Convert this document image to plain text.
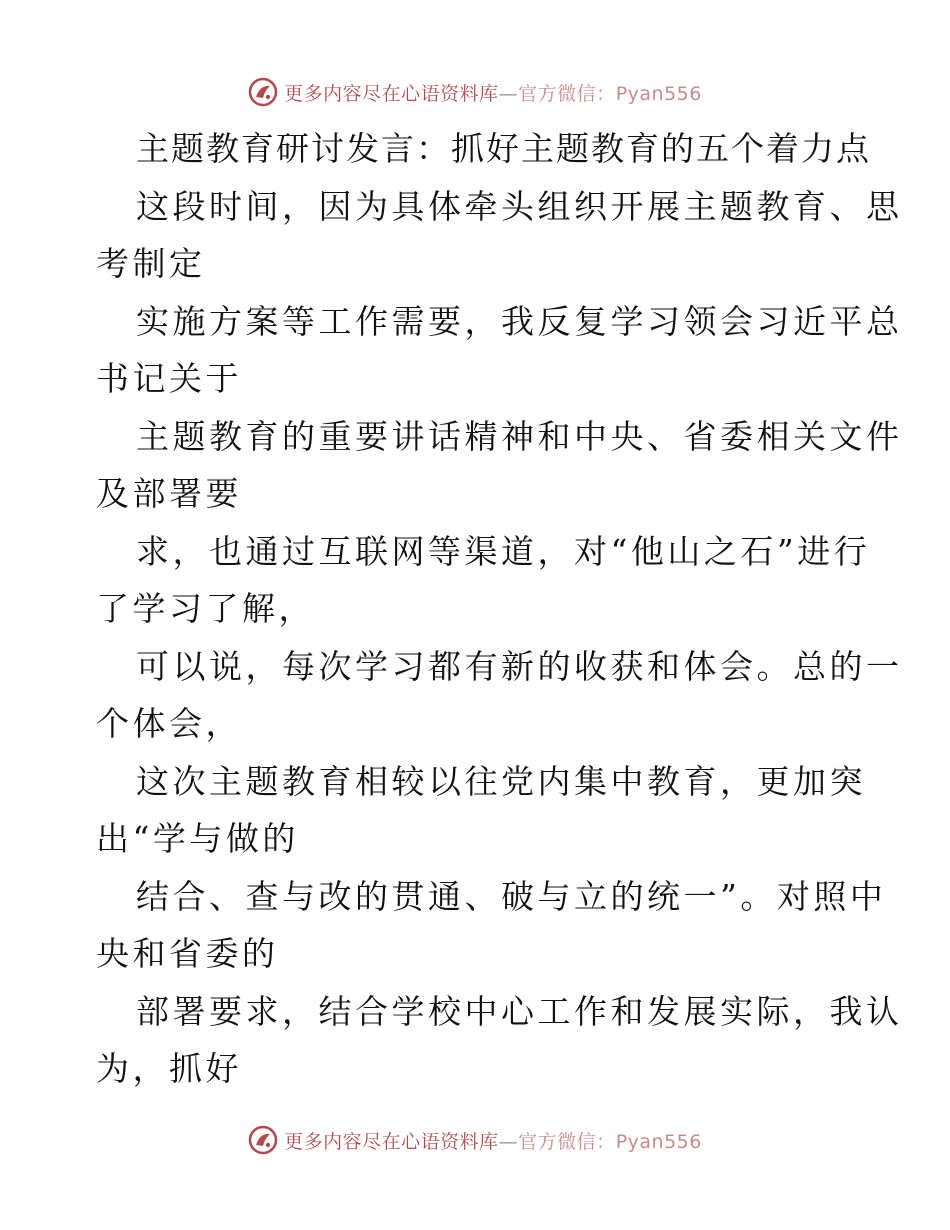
更多内容尽在心语资料库—官方微信：Pyan556
主题教育研讨发言：抓好主题教育的五个着力点
这段时间，因为具体牵头组织开展主题教育、思
考制定
实施方案等工作需要，我反复学习领会习近平总
书记关于
主题教育的重要讲话精神和中央、省委相关文件
及部署要
求，也通过互联网等渠道，对“他山之石”进行
了学习了解，
可以说，每次学习都有新的收获和体会。总的一
个体会，
这次主题教育相较以往党内集中教育，更加突
出“学与做的
结合、查与改的贯通、破与立的统一”。对照中
央和省委的
部署要求，结合学校中心工作和发展实际，我认
为，抓好
更多内容尽在心语资料库—官方微信：Pyan556
